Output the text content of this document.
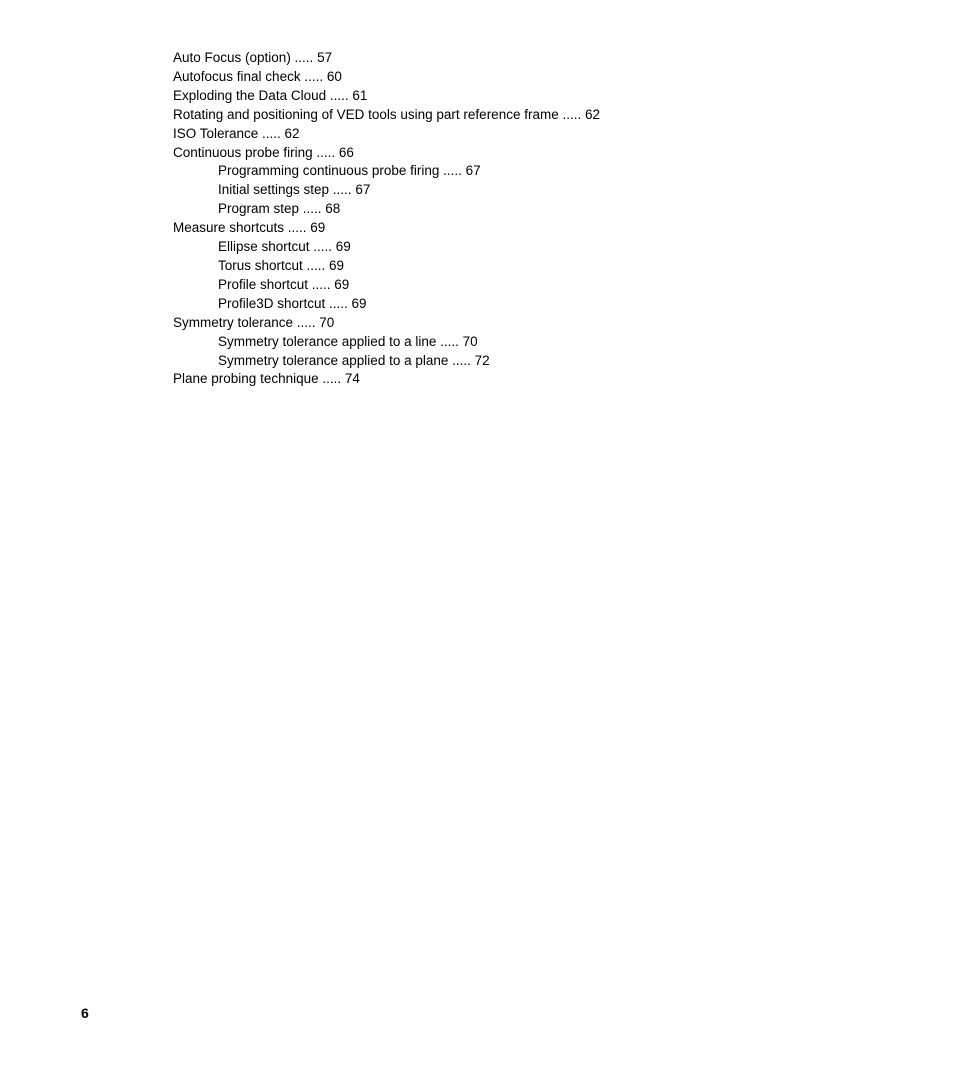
Auto Focus (option) ..... 57
Autofocus final check ..... 60
Exploding the Data Cloud ..... 61
Rotating and positioning of VED tools using part reference frame ..... 62
ISO Tolerance ..... 62
Continuous probe firing ..... 66
Programming continuous probe firing ..... 67
Initial settings step ..... 67
Program step ..... 68
Measure shortcuts ..... 69
Ellipse shortcut ..... 69
Torus shortcut ..... 69
Profile shortcut ..... 69
Profile3D shortcut ..... 69
Symmetry tolerance ..... 70
Symmetry tolerance applied to a line ..... 70
Symmetry tolerance applied to a plane ..... 72
Plane probing technique ..... 74
6
